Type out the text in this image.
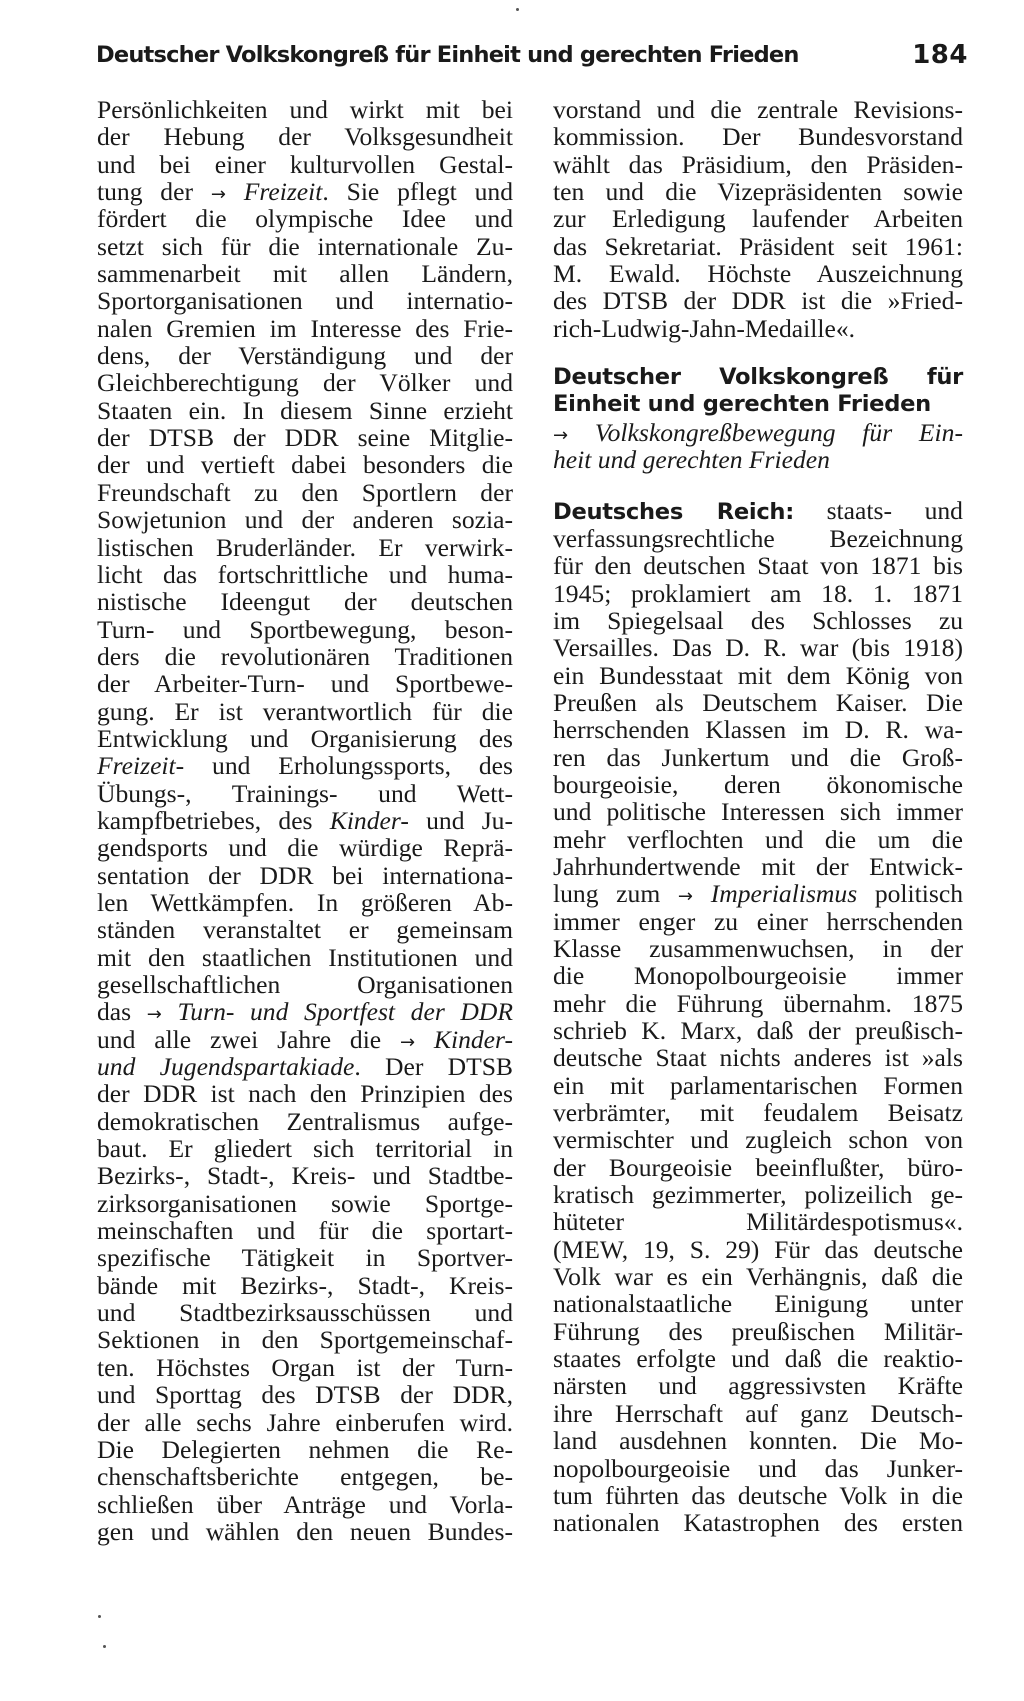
Deutscher Volkskongreß für Einheit und gerechten Frieden	184
Persönlichkeiten und wirkt mit bei
der Hebung der Volksgesundheit
und bei einer kulturvollen Gestal-
tung der → Freizeit. Sie pflegt und
fördert die olympische Idee und
setzt sich für die internationale Zu-
sammenarbeit mit allen Ländern,
Sportorganisationen und internatio-
nalen Gremien im Interesse des Frie-
dens, der Verständigung und der
Gleichberechtigung der Völker und
Staaten ein. In diesem Sinne erzieht
der DTSB der DDR seine Mitglie-
der und vertieft dabei besonders die
Freundschaft zu den Sportlern der
Sowjetunion und der anderen sozia-
listischen Bruderländer. Er verwirk-
licht das fortschrittliche und huma-
nistische Ideengut der deutschen
Turn- und Sportbewegung, beson-
ders die revolutionären Traditionen
der Arbeiter-Turn- und Sportbewe-
gung. Er ist verantwortlich für die
Entwicklung und Organisierung des
Freizeit- und Erholungssports, des
Übungs-, Trainings- und Wett-
kampfbetriebes, des Kinder- und Ju-
gendsports und die würdige Reprä-
sentation der DDR bei internationa-
len Wettkämpfen. In größeren Ab-
ständen veranstaltet er gemeinsam
mit den staatlichen Institutionen und
gesellschaftlichen Organisationen
das → Turn- und Sportfest der DDR
und alle zwei Jahre die → Kinder-
und Jugendspartakiade. Der DTSB
der DDR ist nach den Prinzipien des
demokratischen Zentralismus aufge-
baut. Er gliedert sich territorial in
Bezirks-, Stadt-, Kreis- und Stadtbe-
zirksorganisationen sowie Sportge-
meinschaften und für die sportart-
spezifische Tätigkeit in Sportver-
bände mit Bezirks-, Stadt-, Kreis-
und Stadtbezirksausschüssen und
Sektionen in den Sportgemeinschaf-
ten. Höchstes Organ ist der Turn-
und Sporttag des DTSB der DDR,
der alle sechs Jahre einberufen wird.
Die Delegierten nehmen die Re-
chenschaftsberichte entgegen, be-
schließen über Anträge und Vorla-
gen und wählen den neuen Bundes-
vorstand und die zentrale Revisions-
kommission. Der Bundesvorstand
wählt das Präsidium, den Präsiden-
ten und die Vizepräsidenten sowie
zur Erledigung laufender Arbeiten
das Sekretariat. Präsident seit 1961:
M. Ewald. Höchste Auszeichnung
des DTSB der DDR ist die »Fried-
rich-Ludwig-Jahn-Medaille«.
Deutscher Volkskongreß für
Einheit und gerechten Frieden
→ Volkskongreßbewegung für Ein-
heit und gerechten Frieden
Deutsches Reich: staats- und
verfassungsrechtliche Bezeichnung
für den deutschen Staat von 1871 bis
1945; proklamiert am 18. 1. 1871
im Spiegelsaal des Schlosses zu
Versailles. Das D. R. war (bis 1918)
ein Bundesstaat mit dem König von
Preußen als Deutschem Kaiser. Die
herrschenden Klassen im D. R. wa-
ren das Junkertum und die Groß-
bourgeoisie, deren ökonomische
und politische Interessen sich immer
mehr verflochten und die um die
Jahrhundertwende mit der Entwick-
lung zum → Imperialismus politisch
immer enger zu einer herrschenden
Klasse zusammenwuchsen, in der
die Monopolbourgeoisie immer
mehr die Führung übernahm. 1875
schrieb K. Marx, daß der preußisch-
deutsche Staat nichts anderes ist »als
ein mit parlamentarischen Formen
verbrämter, mit feudalem Beisatz
vermischter und zugleich schon von
der Bourgeoisie beeinflußter, büro-
kratisch gezimmerter, polizeilich ge-
hüteter Militärdespotismus«.
(MEW, 19, S. 29) Für das deutsche
Volk war es ein Verhängnis, daß die
nationalstaatliche Einigung unter
Führung des preußischen Militär-
staates erfolgte und daß die reaktio-
närsten und aggressivsten Kräfte
ihre Herrschaft auf ganz Deutsch-
land ausdehnen konnten. Die Mo-
nopolbourgeoisie und das Junker-
tum führten das deutsche Volk in die
nationalen Katastrophen des ersten
